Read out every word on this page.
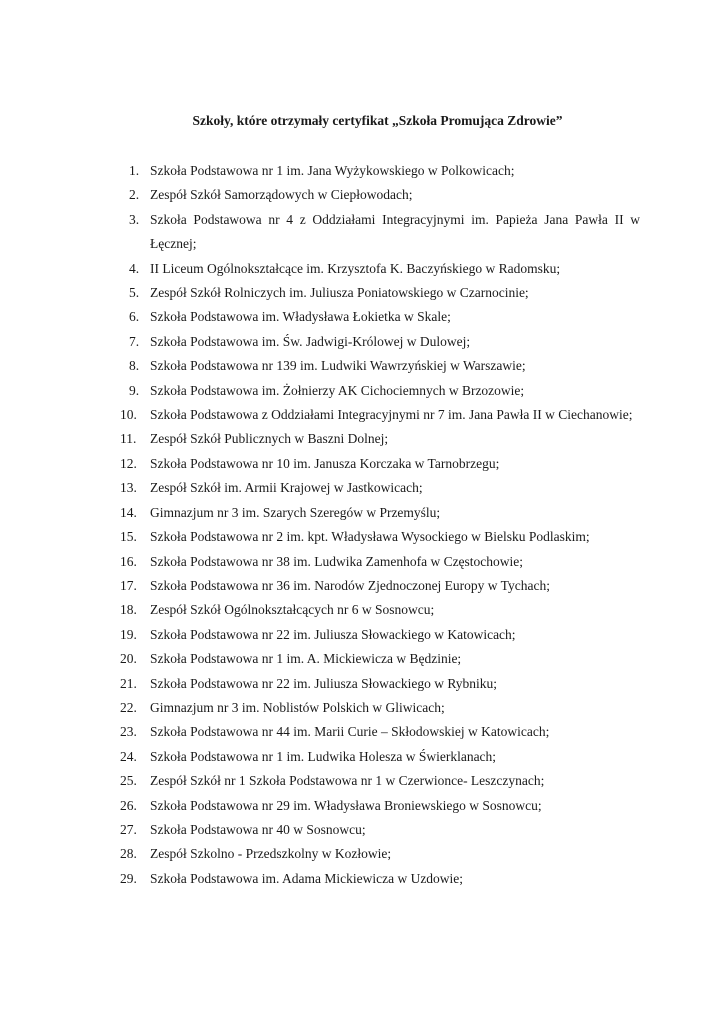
Szkoły, które otrzymały certyfikat „Szkoła Promująca Zdrowie”
1. Szkoła Podstawowa nr 1 im. Jana Wyżykowskiego w Polkowicach;
2. Zespół Szkół Samorządowych w Ciepłowodach;
3. Szkoła Podstawowa nr 4 z Oddziałami Integracyjnymi im. Papieża Jana Pawła II w Łęcznej;
4. II Liceum Ogólnokształcące im. Krzysztofa K. Baczyńskiego w Radomsku;
5. Zespół Szkół Rolniczych im. Juliusza Poniatowskiego w Czarnocinie;
6. Szkoła Podstawowa im. Władysława Łokietka w Skale;
7. Szkoła Podstawowa im. Św. Jadwigi-Królowej w Dulowej;
8. Szkoła Podstawowa nr 139 im. Ludwiki Wawrzyńskiej w Warszawie;
9. Szkoła Podstawowa im. Żołnierzy AK Cichociemnych w Brzozowie;
10. Szkoła Podstawowa z Oddziałami Integracyjnymi nr 7 im. Jana Pawła II w Ciechanowie;
11.	Zespół Szkół Publicznych w Baszni Dolnej;
12. Szkoła Podstawowa nr 10 im. Janusza Korczaka w Tarnobrzegu;
13. Zespół Szkół im. Armii Krajowej w Jastkowicach;
14. Gimnazjum nr 3 im. Szarych Szeregów w Przemyślu;
15. Szkoła Podstawowa nr 2 im. kpt. Władysława Wysockiego w Bielsku Podlaskim;
16. Szkoła Podstawowa nr 38 im. Ludwika Zamenhofa w Częstochowie;
17. Szkoła Podstawowa nr 36 im. Narodów Zjednoczonej Europy w Tychach;
18. Zespół Szkół Ogólnokształcących nr 6 w Sosnowcu;
19. Szkoła Podstawowa nr 22 im. Juliusza Słowackiego w Katowicach;
20. Szkoła Podstawowa nr 1 im. A. Mickiewicza w Będzinie;
21. Szkoła Podstawowa nr 22 im. Juliusza Słowackiego w Rybniku;
22. Gimnazjum nr 3 im. Noblistów Polskich w Gliwicach;
23. Szkoła Podstawowa nr 44 im. Marii Curie – Skłodowskiej w Katowicach;
24. Szkoła Podstawowa nr 1 im. Ludwika Holesza w Świerklanach;
25. Zespół Szkół nr 1 Szkoła Podstawowa nr 1 w Czerwionce- Leszczynach;
26. Szkoła Podstawowa nr 29 im. Władysława Broniewskiego w Sosnowcu;
27. Szkoła Podstawowa nr 40 w Sosnowcu;
28. Zespół Szkolno - Przedszkolny w Kozłowie;
29. Szkoła Podstawowa im. Adama Mickiewicza w Uzdowie;
